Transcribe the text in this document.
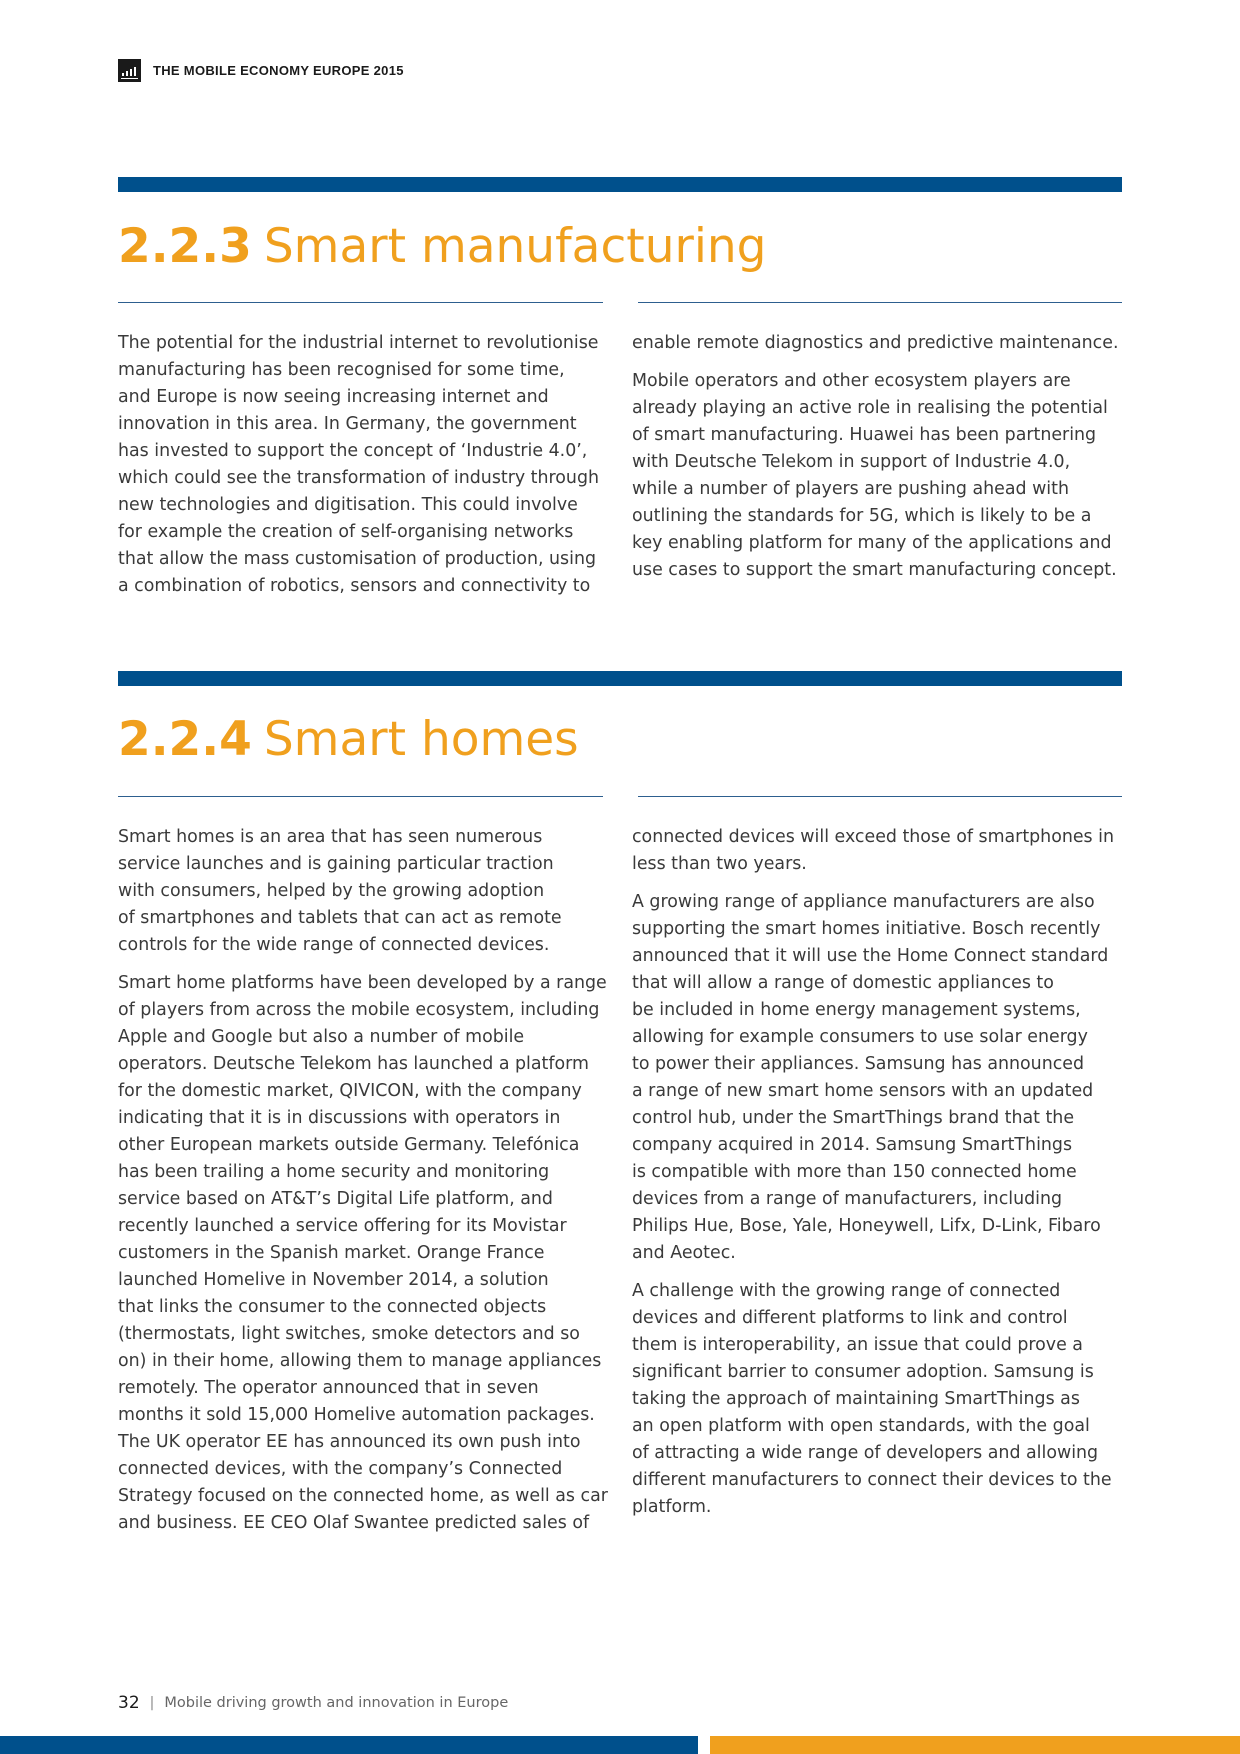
THE MOBILE ECONOMY EUROPE 2015
2.2.3 Smart manufacturing

The potential for the industrial internet to revolutionise
manufacturing has been recognised for some time,
and Europe is now seeing increasing internet and
innovation in this area. In Germany, the government
has invested to support the concept of ‘Industrie 4.0’,
which could see the transformation of industry through
new technologies and digitisation. This could involve
for example the creation of self-organising networks
that allow the mass customisation of production, using
a combination of robotics, sensors and connectivity to

enable remote diagnostics and predictive maintenance.

Mobile operators and other ecosystem players are
already playing an active role in realising the potential
of smart manufacturing. Huawei has been partnering
with Deutsche Telekom in support of Industrie 4.0,
while a number of players are pushing ahead with
outlining the standards for 5G, which is likely to be a
key enabling platform for many of the applications and
use cases to support the smart manufacturing concept.

2.2.4 Smart homes

Smart homes is an area that has seen numerous
service launches and is gaining particular traction
with consumers, helped by the growing adoption
of smartphones and tablets that can act as remote
controls for the wide range of connected devices.

Smart home platforms have been developed by a range
of players from across the mobile ecosystem, including
Apple and Google but also a number of mobile
operators. Deutsche Telekom has launched a platform
for the domestic market, QIVICON, with the company
indicating that it is in discussions with operators in
other European markets outside Germany. Telefónica
has been trailing a home security and monitoring
service based on AT&T’s Digital Life platform, and
recently launched a service offering for its Movistar
customers in the Spanish market. Orange France
launched Homelive in November 2014, a solution
that links the consumer to the connected objects
(thermostats, light switches, smoke detectors and so
on) in their home, allowing them to manage appliances
remotely. The operator announced that in seven
months it sold 15,000 Homelive automation packages.
The UK operator EE has announced its own push into
connected devices, with the company’s Connected
Strategy focused on the connected home, as well as car
and business. EE CEO Olaf Swantee predicted sales of

connected devices will exceed those of smartphones in
less than two years.

A growing range of appliance manufacturers are also
supporting the smart homes initiative. Bosch recently
announced that it will use the Home Connect standard
that will allow a range of domestic appliances to
be included in home energy management systems,
allowing for example consumers to use solar energy
to power their appliances. Samsung has announced
a range of new smart home sensors with an updated
control hub, under the SmartThings brand that the
company acquired in 2014. Samsung SmartThings
is compatible with more than 150 connected home
devices from a range of manufacturers, including
Philips Hue, Bose, Yale, Honeywell, Lifx, D-Link, Fibaro
and Aeotec.

A challenge with the growing range of connected
devices and different platforms to link and control
them is interoperability, an issue that could prove a
significant barrier to consumer adoption. Samsung is
taking the approach of maintaining SmartThings as
an open platform with open standards, with the goal
of attracting a wide range of developers and allowing
different manufacturers to connect their devices to the
platform.

32 | Mobile driving growth and innovation in Europe
